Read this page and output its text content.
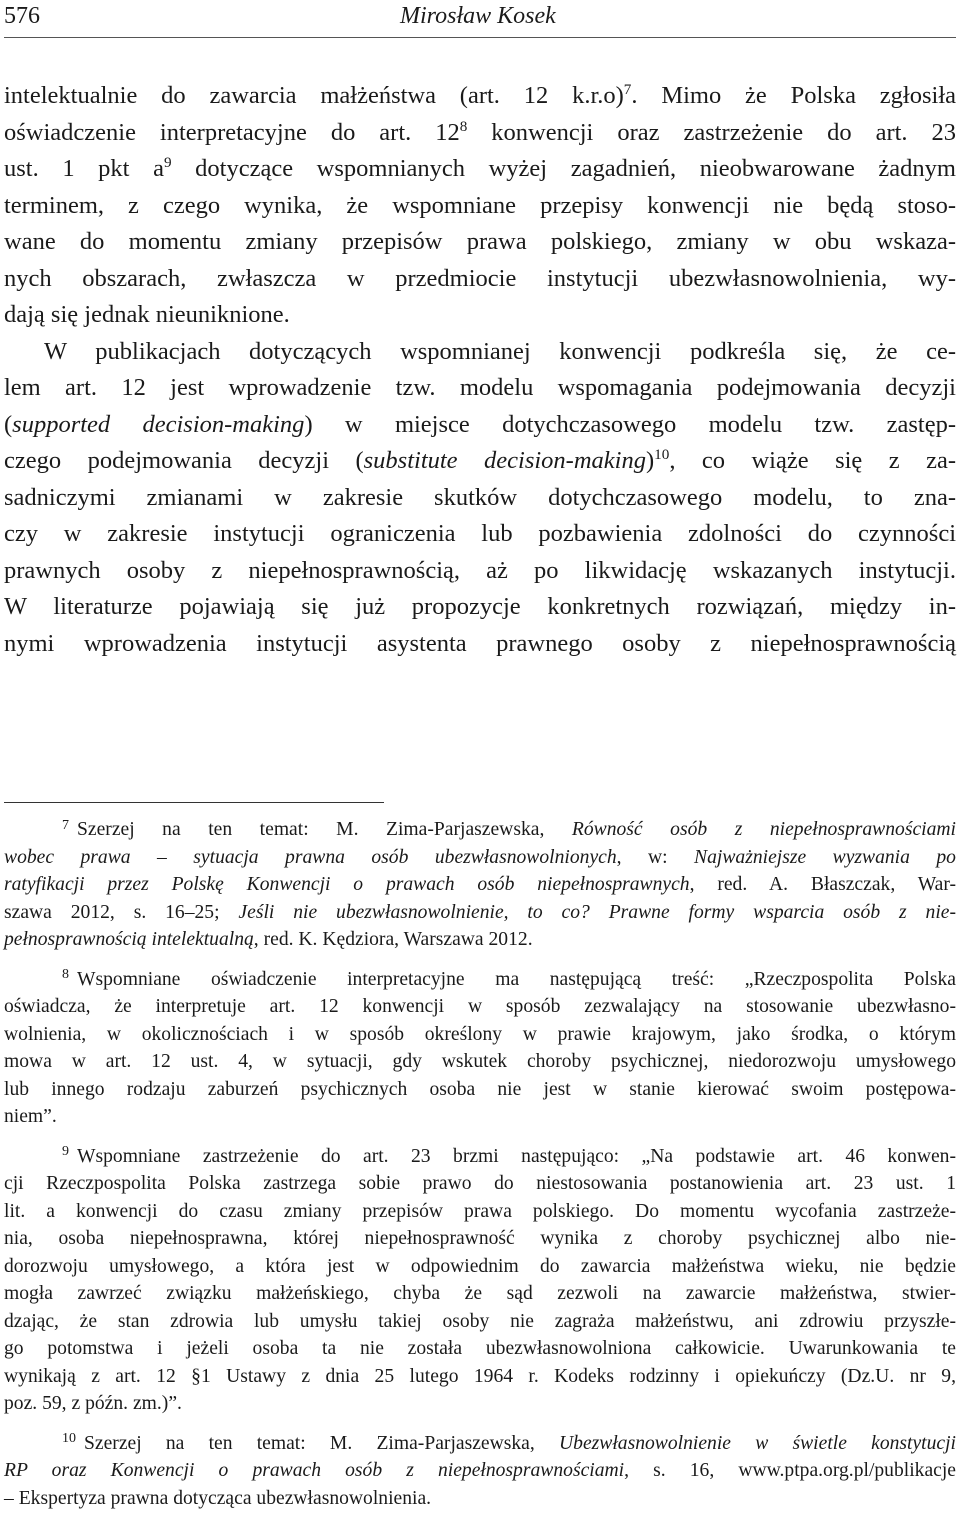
576	Mirosław Kosek
intelektualnie do zawarcia małżeństwa (art. 12 k.r.o)$^7$. Mimo że Polska zgłosiła
oświadczenie interpretacyjne do art. $12^8$ konwencji oraz zastrzeżenie do art. 23
ust. 1 pkt $a^9$ dotyczące wspomnianych wyżej zagadnień, nieobwarowane żadnym
terminem, z czego wynika, że wspomniane przepisy konwencji nie będą stoso-
wane do momentu zmiany przepisów prawa polskiego, zmiany w obu wskaza-
nych obszarach, zwłaszcza w przedmiocie instytucji ubezwłasnowolnienia, wy-
dają się jednak nieuniknione.
W publikacjach dotyczących wspomnianej konwencji podkreśla się, że ce-
lem art. 12 jest wprowadzenie tzw. modelu wspomagania podejmowania decyzji
(supported decision-making) w miejsce dotychczasowego modelu tzw. zastęp-
czego podejmowania decyzji (substitute decision-making)$^{10}$, co wiąże się z za-
sadniczymi zmianami w zakresie skutków dotychczasowego modelu, to zna-
czy w zakresie instytucji ograniczenia lub pozbawienia zdolności do czynności
prawnych osoby z niepełnosprawnością, aż po likwidację wskazanych instytucji.
W literaturze pojawiają się już propozycje konkretnych rozwiązań, między in-
nymi wprowadzenia instytucji asystenta prawnego osoby z niepełnosprawnością
$^7$ Szerzej na ten temat: M. Zima-Parjaszewska, Równość osób z niepełnosprawnościami
wobec prawa – sytuacja prawna osób ubezwłasnowolnionych, w: Najważniejsze wyzwania po
ratyfikacji przez Polskę Konwencji o prawach osób niepełnosprawnych, red. A. Błaszczak, War-
szawa 2012, s. 16–25; Jeśli nie ubezwłasnowolnienie, to co? Prawne formy wsparcia osób z nie-
pełnosprawnością intelektualną, red. K. Kędziora, Warszawa 2012.
$^8$ Wspomniane oświadczenie interpretacyjne ma następującą treść: „Rzeczpospolita Polska
oświadcza, że interpretuje art. 12 konwencji w sposób zezwalający na stosowanie ubezwłasno-
wolnienia, w okolicznościach i w sposób określony w prawie krajowym, jako środka, o którym
mowa w art. 12 ust. 4, w sytuacji, gdy wskutek choroby psychicznej, niedorozwoju umysłowego
lub innego rodzaju zaburzeń psychicznych osoba nie jest w stanie kierować swoim postępowa-
niem”.
$^9$ Wspomniane zastrzeżenie do art. 23 brzmi następująco: „Na podstawie art. 46 konwen-
cji Rzeczpospolita Polska zastrzega sobie prawo do niestosowania postanowienia art. 23 ust. 1
lit. a konwencji do czasu zmiany przepisów prawa polskiego. Do momentu wycofania zastrzeże-
nia, osoba niepełnosprawna, której niepełnosprawność wynika z choroby psychicznej albo nie-
dorozwoju umysłowego, a która jest w odpowiednim do zawarcia małżeństwa wieku, nie będzie
mogła zawrzeć związku małżeńskiego, chyba że sąd zezwoli na zawarcie małżeństwa, stwier-
dzając, że stan zdrowia lub umysłu takiej osoby nie zagraża małżeństwu, ani zdrowiu przyszłe-
go potomstwa i jeżeli osoba ta nie została ubezwłasnowolniona całkowicie. Uwarunkowania te
wynikają z art. 12 §1 Ustawy z dnia 25 lutego 1964 r. Kodeks rodzinny i opiekuńczy (Dz.U. nr 9,
poz. 59, z późn. zm.)”.
$^{10}$ Szerzej na ten temat: M. Zima-Parjaszewska, Ubezwłasnowolnienie w świetle konstytucji
RP oraz Konwencji o prawach osób z niepełnosprawnościami, s. 16, www.ptpa.org.pl/publikacje
– Ekspertyza prawna dotycząca ubezwłasnowolnienia.
